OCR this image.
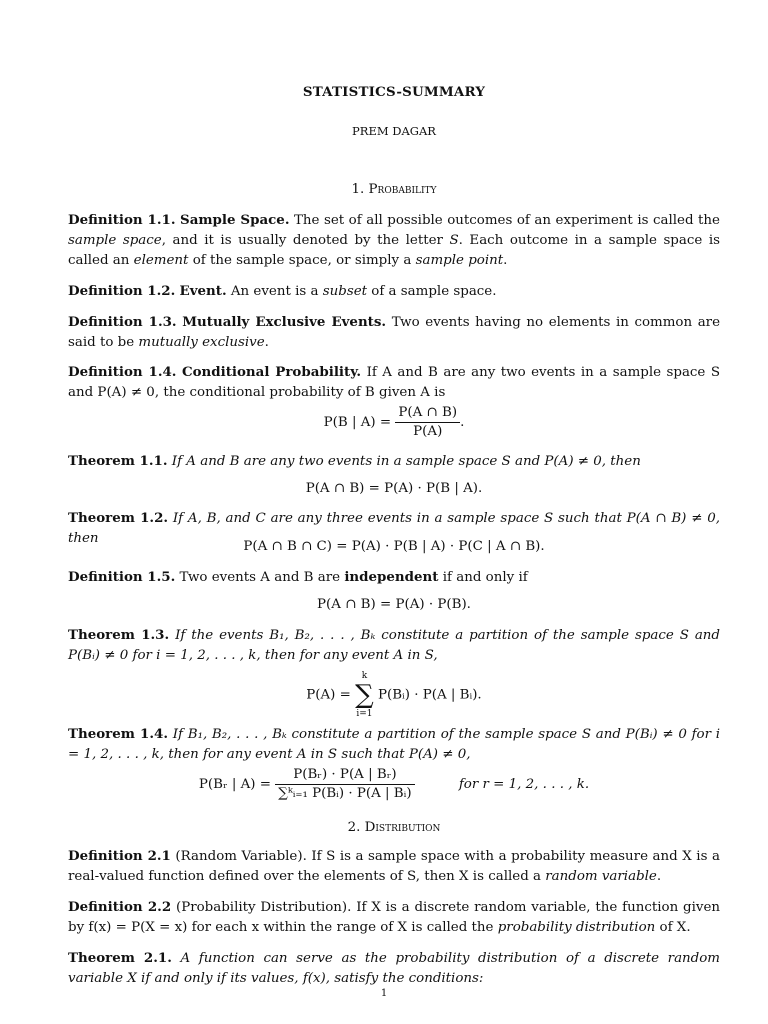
STATISTICS-SUMMARY
PREM DAGAR
1. Probability
Definition 1.1. Sample Space. The set of all possible outcomes of an experiment is called the sample space, and it is usually denoted by the letter S. Each outcome in a sample space is called an element of the sample space, or simply a sample point.
Definition 1.2. Event. An event is a subset of a sample space.
Definition 1.3. Mutually Exclusive Events. Two events having no elements in common are said to be mutually exclusive.
Definition 1.4. Conditional Probability. If A and B are any two events in a sample space S and P(A) ≠ 0, the conditional probability of B given A is
P(B | $A) = \frac{P(A \cap B)}{P(A)}$ .
Theorem 1.1. If A and B are any two events in a sample space S and P(A) ≠ 0, then
P(A ∩ B) = P(A) · P(B | A).
Theorem 1.2. If A, B, and C are any three events in a sample space S such that P(A ∩ B) ≠ 0, then
P(A ∩ B ∩ C) = P(A) · P(B | A) · P(C | A ∩ B).
Definition 1.5. Two events A and B are independent if and only if
P(A ∩ B) = P(A) · P(B).
Theorem 1.3. If the events B₁, B₂, . . . , Bₖ constitute a partition of the sample space S and P(Bᵢ) ≠ 0 for i = 1, 2, . . . , k, then for any event A in S,
P(A) =
k
∑
i=1
P(Bᵢ) · P(A | Bᵢ).
Theorem 1.4. If B₁, B₂, . . . , Bₖ constitute a partition of the sample space S and P(Bᵢ) ≠ 0 for i = 1, 2, . . . , k, then for any event A in S such that P(A) ≠ 0,
P(Bᵣ | $A) = \frac{\text{P(Bᵣ) · P(A | Bᵣ)}}{\text{∑ᵏᵢ₌₁ P(Bᵢ) · P(A | Bᵢ)}}$	for r = 1, 2, . . . , k.
2. Distribution
Definition 2.1 (Random Variable). If S is a sample space with a probability measure and X is a real-valued function defined over the elements of S, then X is called a random variable.
Definition 2.2 (Probability Distribution). If X is a discrete random variable, the function given by f(x) = P(X = x) for each x within the range of X is called the probability distribution of X.
Theorem 2.1. A function can serve as the probability distribution of a discrete random variable X if and only if its values, f(x), satisfy the conditions:
1
